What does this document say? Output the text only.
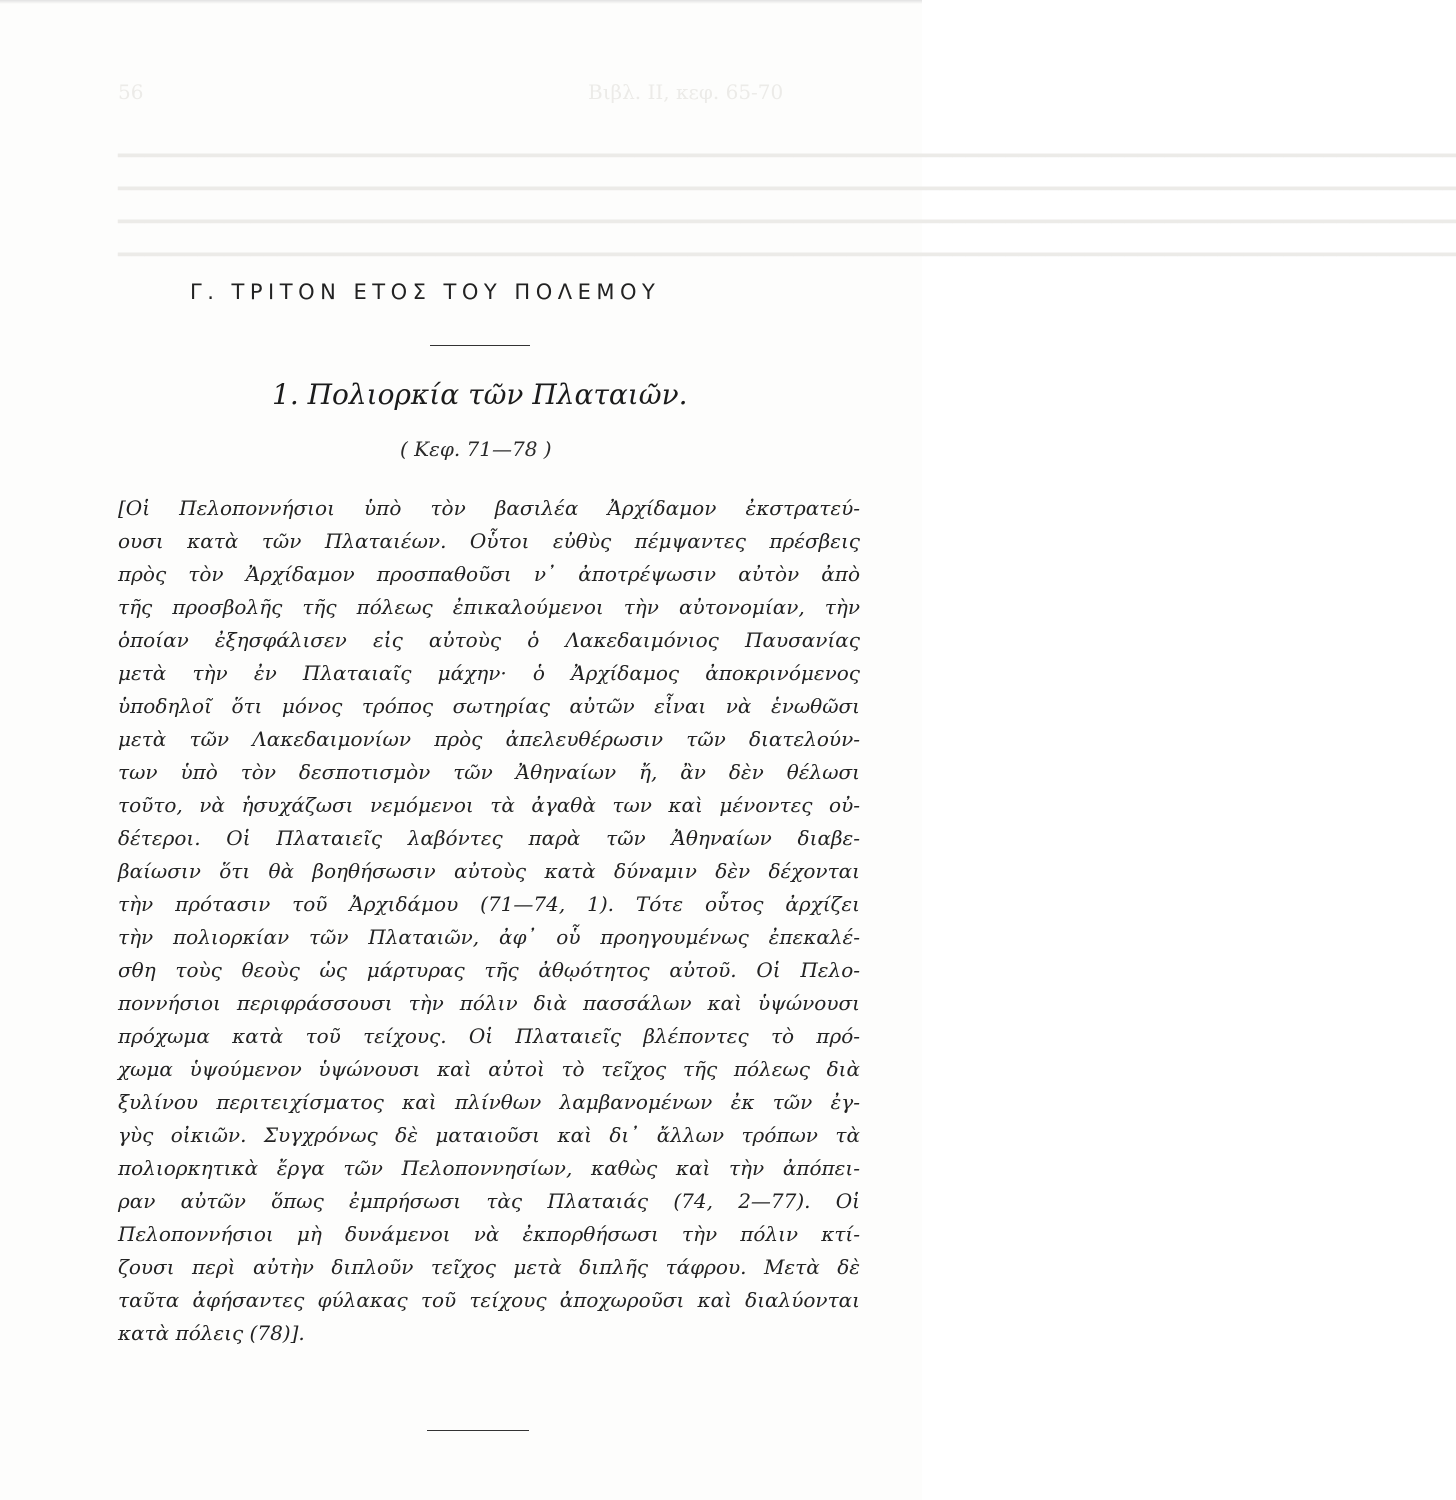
56	Βιβλ. ΙΙ, κεφ. 65-70
━━━━━━━━━━━━━━━━━━━━━━━━━━━━━━━━━━━━━━━━━━━━━━━━━━━━━━━━━━━━━━━━━━━━━━━━━━━━━━━━━━━━━━━━━━━━━━━━━━━━━
━━━━━━━━━━━━━━━━━━━━━━━━━━━━━━━━━━━━━━━━━━━━━━━━━━━━━━━━━━━━━━━━━━━━━━━━━━━━━━━━━━━━━━━━━━━━━━━━━━━━━
━━━━━━━━━━━━━━━━━━━━━━━━━━━━━━━━━━━━━━━━━━━━━━━━━━━━━━━━━━━━━━━━━━━━━━━━━━━━━━━━━━━━━━━━━━━━━━━━━━━━━
━━━━━━━━━━━━━━━━━━━━━━━━━━━━━━━━━━━━━━━━━━━━━━━━━━━━━━━━━━━━━━━━━━━━━━━━━━━━━━━━━━━━━━━━━━━━━━━━━━━━━
Γ. ΤΡΙΤΟΝ ΕΤΟΣ ΤΟΥ ΠΟΛΕΜΟΥ
1. Πολιορκία τῶν Πλαταιῶν.
( Κεφ. 71—78 )
[Οἱ Πελοποννήσιοι ὑπὸ τὸν βασιλέα Ἀρχίδαμον ἐκστρατεύ-
ουσι κατὰ τῶν Πλαταιέων. Οὗτοι εὐθὺς πέμψαντες πρέσβεις
πρὸς τὸν Ἀρχίδαμον προσπαθοῦσι ν᾿ ἀποτρέψωσιν αὐτὸν ἀπὸ
τῆς προσβολῆς τῆς πόλεως ἐπικαλούμενοι τὴν αὐτονομίαν, τὴν
ὁποίαν ἐξησφάλισεν εἰς αὐτοὺς ὁ Λακεδαιμόνιος Παυσανίας
μετὰ τὴν ἐν Πλαταιαῖς μάχην· ὁ Ἀρχίδαμος ἀποκρινόμενος
ὑποδηλοῖ ὅτι μόνος τρόπος σωτηρίας αὐτῶν εἶναι νὰ ἑνωθῶσι
μετὰ τῶν Λακεδαιμονίων πρὸς ἀπελευθέρωσιν τῶν διατελούν-
των ὑπὸ τὸν δεσποτισμὸν τῶν Ἀθηναίων ἤ, ἂν δὲν θέλωσι
τοῦτο, νὰ ἡσυχάζωσι νεμόμενοι τὰ ἀγαθὰ των καὶ μένοντες οὐ-
δέτεροι. Οἱ Πλαταιεῖς λαβόντες παρὰ τῶν Ἀθηναίων διαβε-
βαίωσιν ὅτι θὰ βοηθήσωσιν αὐτοὺς κατὰ δύναμιν δὲν δέχονται
τὴν πρότασιν τοῦ Ἀρχιδάμου (71—74, 1). Τότε οὗτος ἀρχίζει
τὴν πολιορκίαν τῶν Πλαταιῶν, ἀφ᾿ οὗ προηγουμένως ἐπεκαλέ-
σθη τοὺς θεοὺς ὡς μάρτυρας τῆς ἀθῳότητος αὐτοῦ. Οἱ Πελο-
ποννήσιοι περιφράσσουσι τὴν πόλιν διὰ πασσάλων καὶ ὑψώνουσι
πρόχωμα κατὰ τοῦ τείχους. Οἱ Πλαταιεῖς βλέποντες τὸ πρό-
χωμα ὑψούμενον ὑψώνουσι καὶ αὐτοὶ τὸ τεῖχος τῆς πόλεως διὰ
ξυλίνου περιτειχίσματος καὶ πλίνθων λαμβανομένων ἐκ τῶν ἐγ-
γὺς οἰκιῶν. Συγχρόνως δὲ ματαιοῦσι καὶ δι᾿ ἄλλων τρόπων τὰ
πολιορκητικὰ ἔργα τῶν Πελοποννησίων, καθὼς καὶ τὴν ἀπόπει-
ραν αὐτῶν ὅπως ἐμπρήσωσι τὰς Πλαταιάς (74, 2—77). Οἱ
Πελοποννήσιοι μὴ δυνάμενοι νὰ ἐκπορθήσωσι τὴν πόλιν κτί-
ζουσι περὶ αὐτὴν διπλοῦν τεῖχος μετὰ διπλῆς τάφρου. Μετὰ δὲ
ταῦτα ἀφήσαντες φύλακας τοῦ τείχους ἀποχωροῦσι καὶ διαλύονται
κατὰ πόλεις (78)].
